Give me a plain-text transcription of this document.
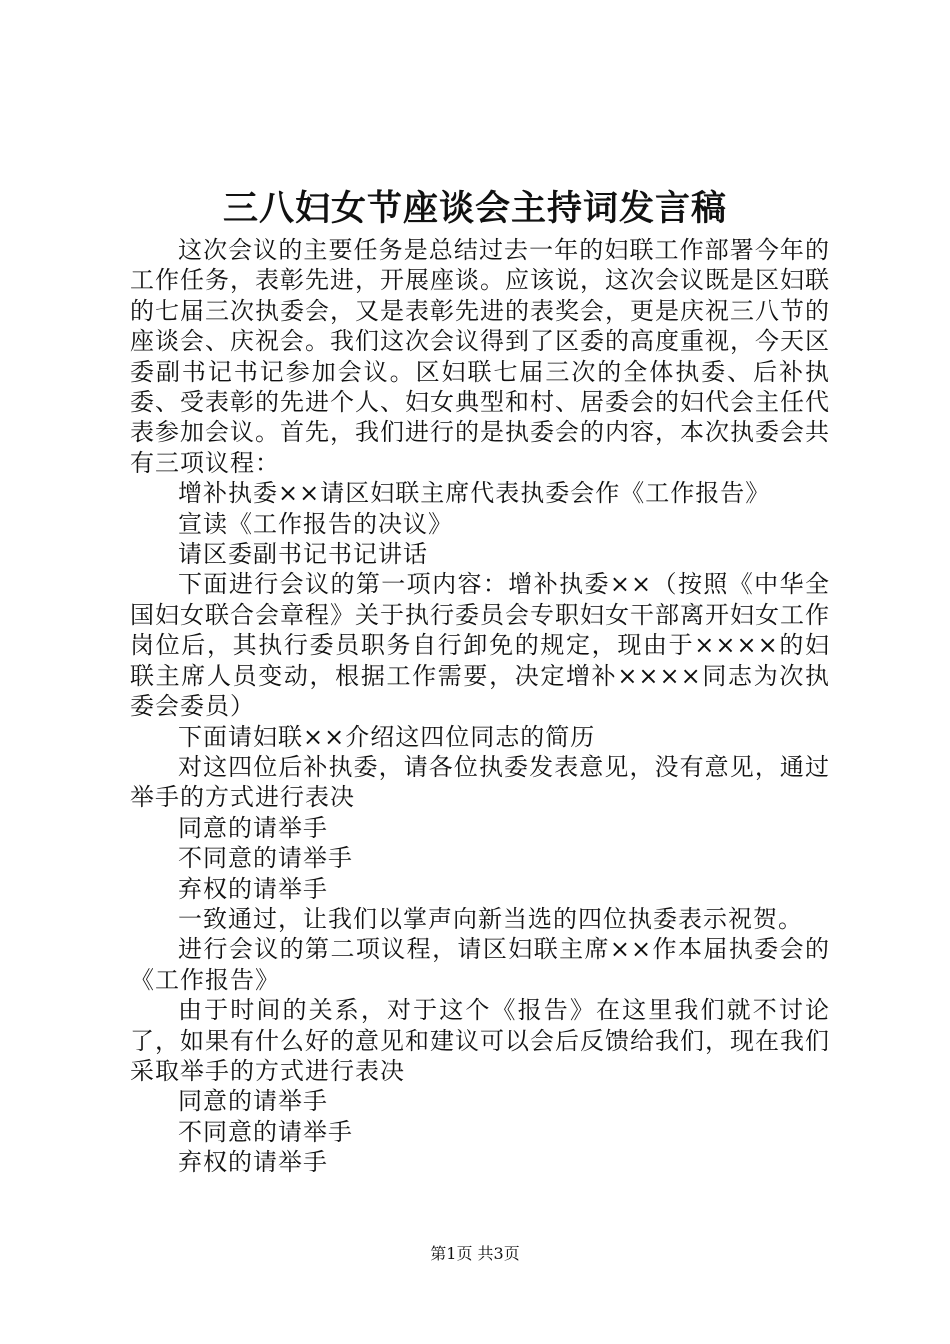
三八妇女节座谈会主持词发言稿

这次会议的主要任务是总结过去一年的妇联工作部署今年的工作任务，表彰先进，开展座谈。应该说，这次会议既是区妇联的七届三次执委会，又是表彰先进的表奖会，更是庆祝三八节的座谈会、庆祝会。我们这次会议得到了区委的高度重视，今天区委副书记书记参加会议。区妇联七届三次的全体执委、后补执委、受表彰的先进个人、妇女典型和村、居委会的妇代会主任代表参加会议。首先，我们进行的是执委会的内容，本次执委会共有三项议程：

增补执委××请区妇联主席代表执委会作《工作报告》

宣读《工作报告的决议》

请区委副书记书记讲话

下面进行会议的第一项内容：增补执委××（按照《中华全国妇女联合会章程》关于执行委员会专职妇女干部离开妇女工作岗位后，其执行委员职务自行卸免的规定，现由于××××的妇联主席人员变动，根据工作需要，决定增补××××同志为次执委会委员）

下面请妇联××介绍这四位同志的简历

对这四位后补执委，请各位执委发表意见，没有意见，通过举手的方式进行表决

同意的请举手

不同意的请举手

弃权的请举手

一致通过，让我们以掌声向新当选的四位执委表示祝贺。

进行会议的第二项议程，请区妇联主席××作本届执委会的《工作报告》

由于时间的关系，对于这个《报告》在这里我们就不讨论了，如果有什么好的意见和建议可以会后反馈给我们，现在我们采取举手的方式进行表决

同意的请举手

不同意的请举手

弃权的请举手

第1页 共3页
